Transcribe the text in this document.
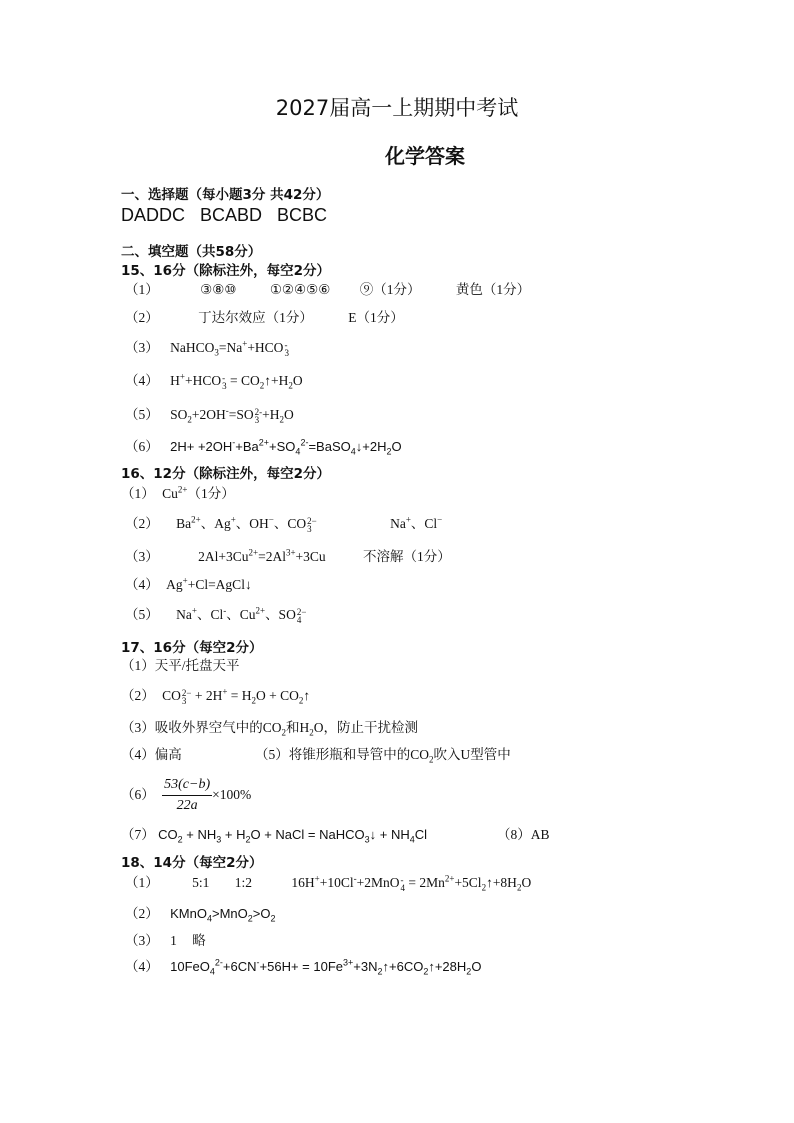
2027届高一上期期中考试
化学答案
一、选择题（每小题3分 共42分）
DADDC BCABD BCBC
二、填空题（共58分）
15、16分（除标注外，每空2分）
（1）	③⑧⑩ ①②④⑤⑥ ⑨（1分）	黄色（1分）
（2）	丁达尔效应（1分）	E（1分）
（3） NaHCO$_3$=Na++HCO-
3
（4） H++HCO-
$3 = CO_2↑+H_2O$
（5） $SO_2+2OH^-=SO2-$
$3 +H_2O$
（6） $2H+ +2OH^-+Ba^{2+}+SO_4^{2-}=BaSO_4↓+2H_2O$
16、12分（除标注外，每空2分）
（1） $Cu^{2+}(1$分）
（2） $Ba^{2+}$、Ag+、OH−、CO2−
3	Na+、Cl−
（3）	$2Al+3Cu^{2+}=2Al^{3+}+3Cu$	不溶解（1分）
（4） Ag++Cl=AgCl↓
（5） Na+、Cl-、$Cu^{2+}$、SO2−
4
17、16分（每空2分）
（1）天平/托盘天平
（2） CO2−
$3 + 2H^+ = H_2O$ + $CO_2↑$
（3）吸收外界空气中的$CO_2$和$H_2O$，防止干扰检测
（4）偏高	（5）将锥形瓶和导管中的$CO_2$吹入U型管中
$(6) \frac{53(c-b)}{22a} \times 100\%$
（7） $CO_2 + NH_3 + H_2O$ + NaCl = NaHCO$_3$↓ + $NH_4Cl$	（8）AB
18、14分（每空2分）
（1） 5:1 1:2	16H++10Cl-+2MnO-
$4 = 2Mn^{2+}+5Cl_2↑+8H_2O$
（2） $KMnO_4>MnO_2>O_2$
（3） 1 略
（4） $10FeO_4^{2-}+6CN^-+56H+ = 10Fe^{3+}+3N_2↑+6CO_2↑+28H_2O$
